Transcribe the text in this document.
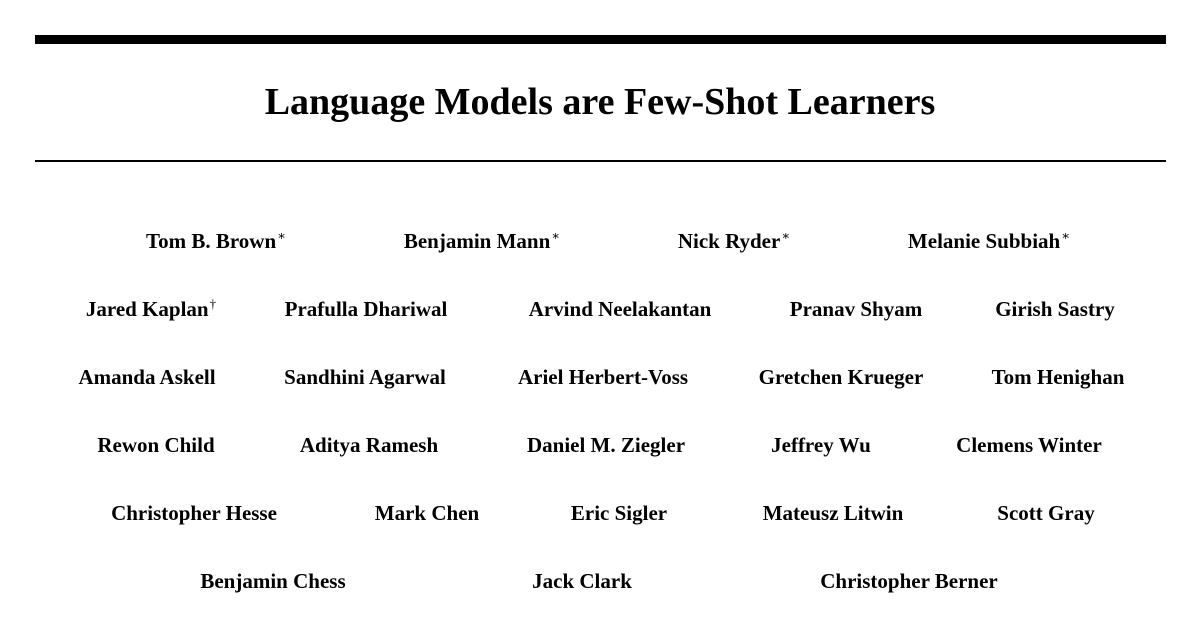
Language Models are Few-Shot Learners
Tom B. Brown∗	Benjamin Mann∗	Nick Ryder∗	Melanie Subbiah∗
Jared Kaplan†	Prafulla Dhariwal	Arvind Neelakantan	Pranav Shyam	Girish Sastry
Amanda Askell	Sandhini Agarwal	Ariel Herbert-Voss	Gretchen Krueger	Tom Henighan
Rewon Child	Aditya Ramesh	Daniel M. Ziegler	Jeffrey Wu	Clemens Winter
Christopher Hesse	Mark Chen	Eric Sigler	Mateusz Litwin	Scott Gray
Benjamin Chess	Jack Clark	Christopher Berner
